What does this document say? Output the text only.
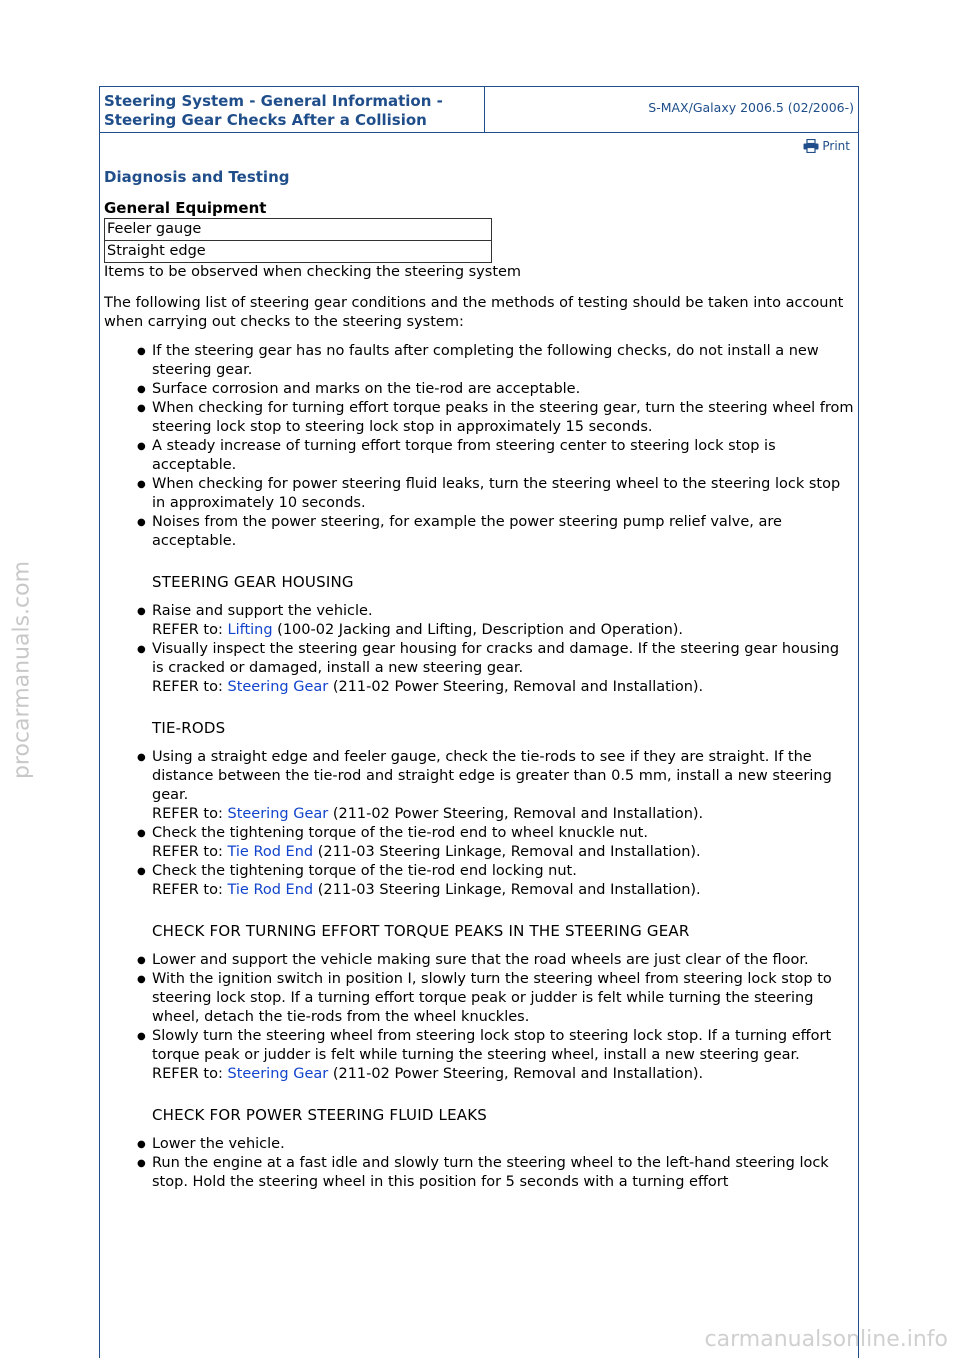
procarmanuals.com
carmanualsonline.info
Steering System - General Information -
Steering Gear Checks After a Collision
S-MAX/Galaxy 2006.5 (02/2006-)
Print
Diagnosis and Testing
General Equipment
Feeler gauge
Straight edge

Items to be observed when checking the steering system

The following list of steering gear conditions and the methods of testing should be taken into account when carrying out checks to the steering system:

● If the steering gear has no faults after completing the following checks, do not install a new steering gear.
● Surface corrosion and marks on the tie-rod are acceptable.
● When checking for turning effort torque peaks in the steering gear, turn the steering wheel from steering lock stop to steering lock stop in approximately 15 seconds.
● A steady increase of turning effort torque from steering center to steering lock stop is acceptable.
● When checking for power steering fluid leaks, turn the steering wheel to the steering lock stop in approximately 10 seconds.
● Noises from the power steering, for example the power steering pump relief valve, are acceptable.
STEERING GEAR HOUSING
● Raise and support the vehicle.
REFER to: Lifting (100-02 Jacking and Lifting, Description and Operation).
● Visually inspect the steering gear housing for cracks and damage. If the steering gear housing is cracked or damaged, install a new steering gear.
REFER to: Steering Gear (211-02 Power Steering, Removal and Installation).
TIE-RODS
● Using a straight edge and feeler gauge, check the tie-rods to see if they are straight. If the distance between the tie-rod and straight edge is greater than 0.5 mm, install a new steering gear.
REFER to: Steering Gear (211-02 Power Steering, Removal and Installation).
● Check the tightening torque of the tie-rod end to wheel knuckle nut.
REFER to: Tie Rod End (211-03 Steering Linkage, Removal and Installation).
● Check the tightening torque of the tie-rod end locking nut.
REFER to: Tie Rod End (211-03 Steering Linkage, Removal and Installation).
CHECK FOR TURNING EFFORT TORQUE PEAKS IN THE STEERING GEAR
● Lower and support the vehicle making sure that the road wheels are just clear of the floor.
● With the ignition switch in position I, slowly turn the steering wheel from steering lock stop to steering lock stop. If a turning effort torque peak or judder is felt while turning the steering wheel, detach the tie-rods from the wheel knuckles.
● Slowly turn the steering wheel from steering lock stop to steering lock stop. If a turning effort torque peak or judder is felt while turning the steering wheel, install a new steering gear.
REFER to: Steering Gear (211-02 Power Steering, Removal and Installation).
CHECK FOR POWER STEERING FLUID LEAKS
● Lower the vehicle.
● Run the engine at a fast idle and slowly turn the steering wheel to the left-hand steering lock stop. Hold the steering wheel in this position for 5 seconds with a turning effort
